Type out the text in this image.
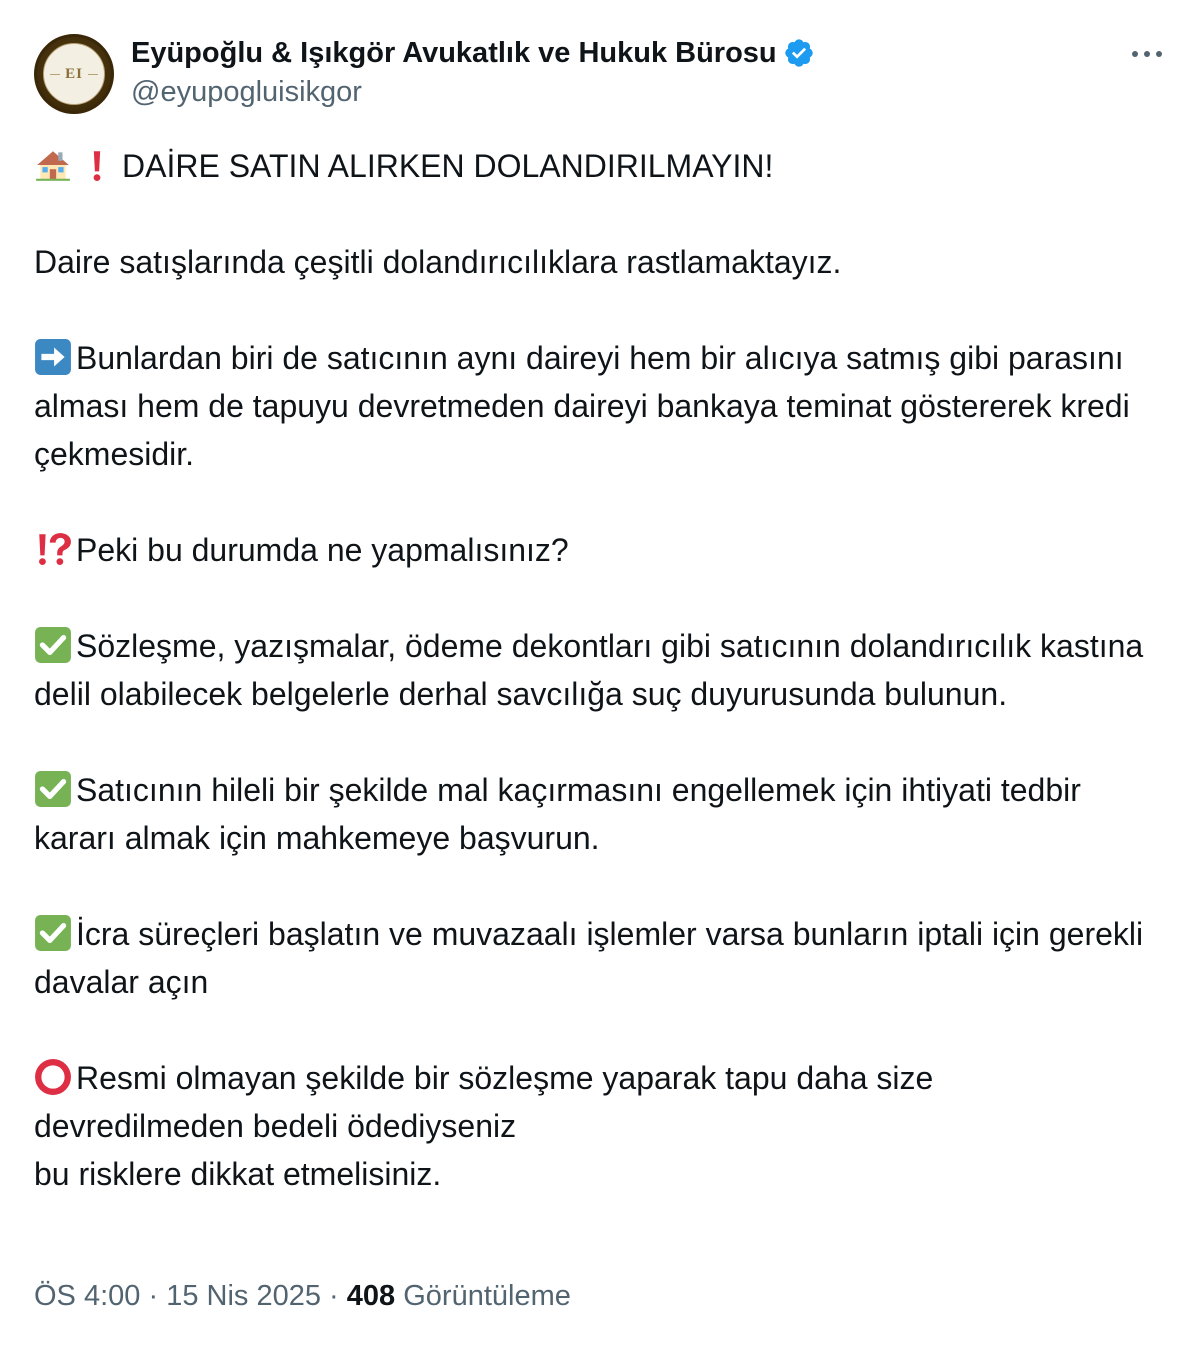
EI
Eyüpoğlu & Işıkgör Avukatlık ve Hukuk Bürosu
@eyupogluisikgor

DAİRE SATIN ALIRKEN DOLANDIRILMAYIN!

Daire satışlarında çeşitli dolandırıcılıklara rastlamaktayız.

Bunlardan biri de satıcının aynı daireyi hem bir alıcıya satmış gibi parasını alması hem de tapuyu devretmeden daireyi bankaya teminat göstererek kredi çekmesidir.

Peki bu durumda ne yapmalısınız?

Sözleşme, yazışmalar, ödeme dekontları gibi satıcının dolandırıcılık kastına delil olabilecek belgelerle derhal savcılığa suç duyurusunda bulunun.

Satıcının hileli bir şekilde mal kaçırmasını engellemek için ihtiyati tedbir kararı almak için mahkemeye başvurun.

İcra süreçleri başlatın ve muvazaalı işlemler varsa bunların iptali için gerekli davalar açın

Resmi olmayan şekilde bir sözleşme yaparak tapu daha size
devredilmeden bedeli ödediyseniz
bu risklere dikkat etmelisiniz.

ÖS 4:00 · 15 Nis 2025 · 408 Görüntüleme
